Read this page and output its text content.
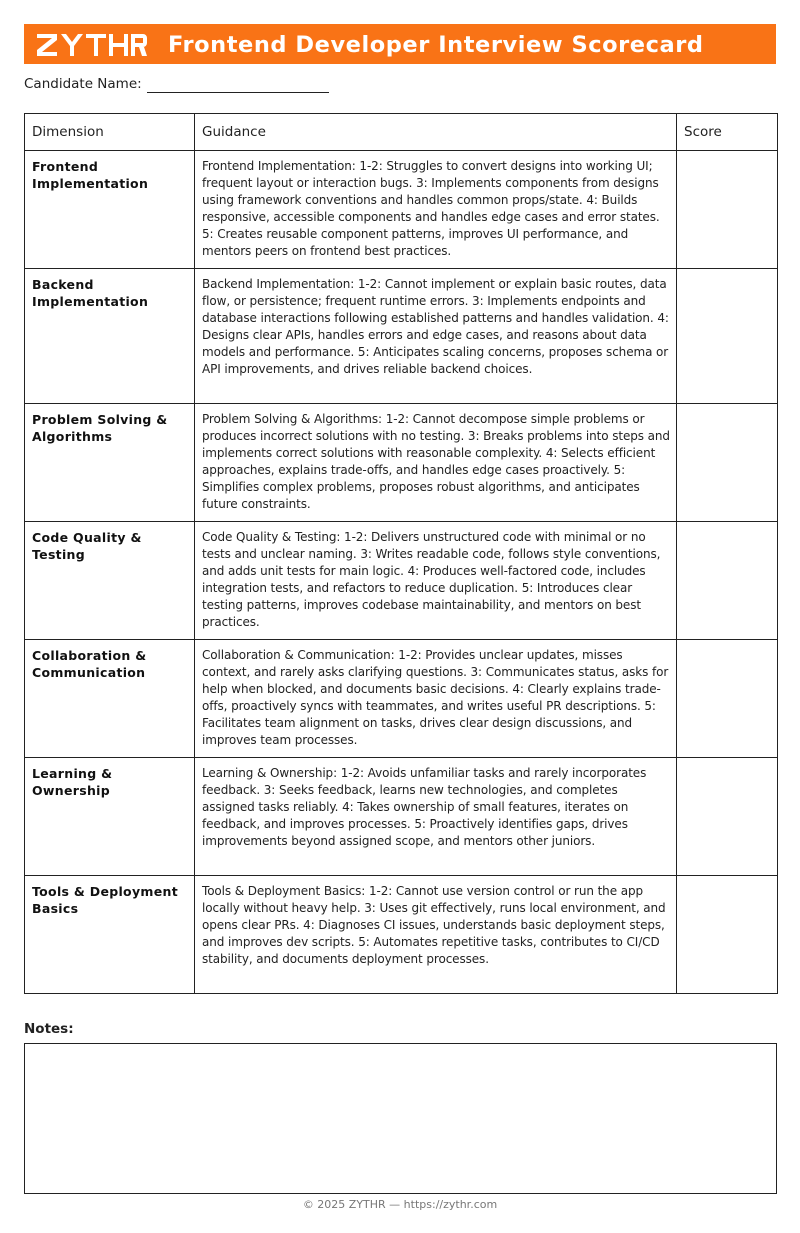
ZYTHR	Frontend Developer Interview Scorecard
Candidate Name:
Dimension	Guidance	Score
Frontend Implementation	Frontend Implementation: 1-2: Struggles to convert designs into working UI; frequent layout or interaction bugs. 3: Implements components from designs using framework conventions and handles common props/state. 4: Builds responsive, accessible components and handles edge cases and error states. 5: Creates reusable component patterns, improves UI performance, and mentors peers on frontend best practices.	
Backend Implementation	Backend Implementation: 1-2: Cannot implement or explain basic routes, data flow, or persistence; frequent runtime errors. 3: Implements endpoints and database interactions following established patterns and handles validation. 4: Designs clear APIs, handles errors and edge cases, and reasons about data models and performance. 5: Anticipates scaling concerns, proposes schema or API improvements, and drives reliable backend choices.	
Problem Solving & Algorithms	Problem Solving & Algorithms: 1-2: Cannot decompose simple problems or produces incorrect solutions with no testing. 3: Breaks problems into steps and implements correct solutions with reasonable complexity. 4: Selects efficient approaches, explains trade-offs, and handles edge cases proactively. 5: Simplifies complex problems, proposes robust algorithms, and anticipates future constraints.	
Code Quality & Testing	Code Quality & Testing: 1-2: Delivers unstructured code with minimal or no tests and unclear naming. 3: Writes readable code, follows style conventions, and adds unit tests for main logic. 4: Produces well-factored code, includes integration tests, and refactors to reduce duplication. 5: Introduces clear testing patterns, improves codebase maintainability, and mentors on best practices.	
Collaboration & Communication	Collaboration & Communication: 1-2: Provides unclear updates, misses context, and rarely asks clarifying questions. 3: Communicates status, asks for help when blocked, and documents basic decisions. 4: Clearly explains trade-offs, proactively syncs with teammates, and writes useful PR descriptions. 5: Facilitates team alignment on tasks, drives clear design discussions, and improves team processes.	
Learning & Ownership	Learning & Ownership: 1-2: Avoids unfamiliar tasks and rarely incorporates feedback. 3: Seeks feedback, learns new technologies, and completes assigned tasks reliably. 4: Takes ownership of small features, iterates on feedback, and improves processes. 5: Proactively identifies gaps, drives improvements beyond assigned scope, and mentors other juniors.	
Tools & Deployment Basics	Tools & Deployment Basics: 1-2: Cannot use version control or run the app locally without heavy help. 3: Uses git effectively, runs local environment, and opens clear PRs. 4: Diagnoses CI issues, understands basic deployment steps, and improves dev scripts. 5: Automates repetitive tasks, contributes to CI/CD stability, and documents deployment processes.	
Notes:
© 2025 ZYTHR — https://zythr.com
